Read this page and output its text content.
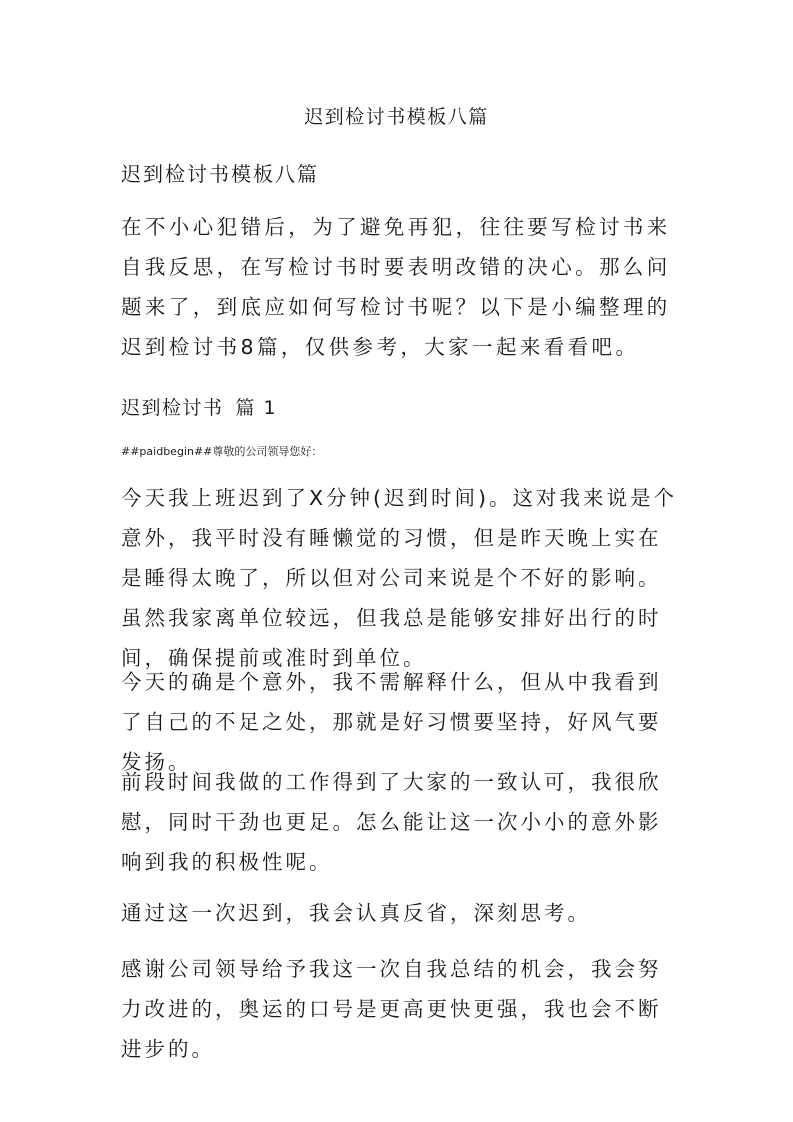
迟到检讨书模板八篇

迟到检讨书模板八篇

在不小心犯错后，为了避免再犯，往往要写检讨书来自我反思，在写检讨书时要表明改错的决心。那么问题来了，到底应如何写检讨书呢？以下是小编整理的迟到检讨书8篇，仅供参考，大家一起来看看吧。

迟到检讨书 篇 1

##paidbegin##尊敬的公司领导您好：

今天我上班迟到了X分钟(迟到时间)。这对我来说是个意外，我平时没有睡懒觉的习惯，但是昨天晚上实在是睡得太晚了，所以但对公司来说是个不好的影响。虽然我家离单位较远，但我总是能够安排好出行的时间，确保提前或准时到单位。

今天的确是个意外，我不需解释什么，但从中我看到了自己的不足之处，那就是好习惯要坚持，好风气要发扬。

前段时间我做的工作得到了大家的一致认可，我很欣慰，同时干劲也更足。怎么能让这一次小小的意外影响到我的积极性呢。

通过这一次迟到，我会认真反省，深刻思考。

感谢公司领导给予我这一次自我总结的机会，我会努力改进的，奥运的口号是更高更快更强，我也会不断进步的。
